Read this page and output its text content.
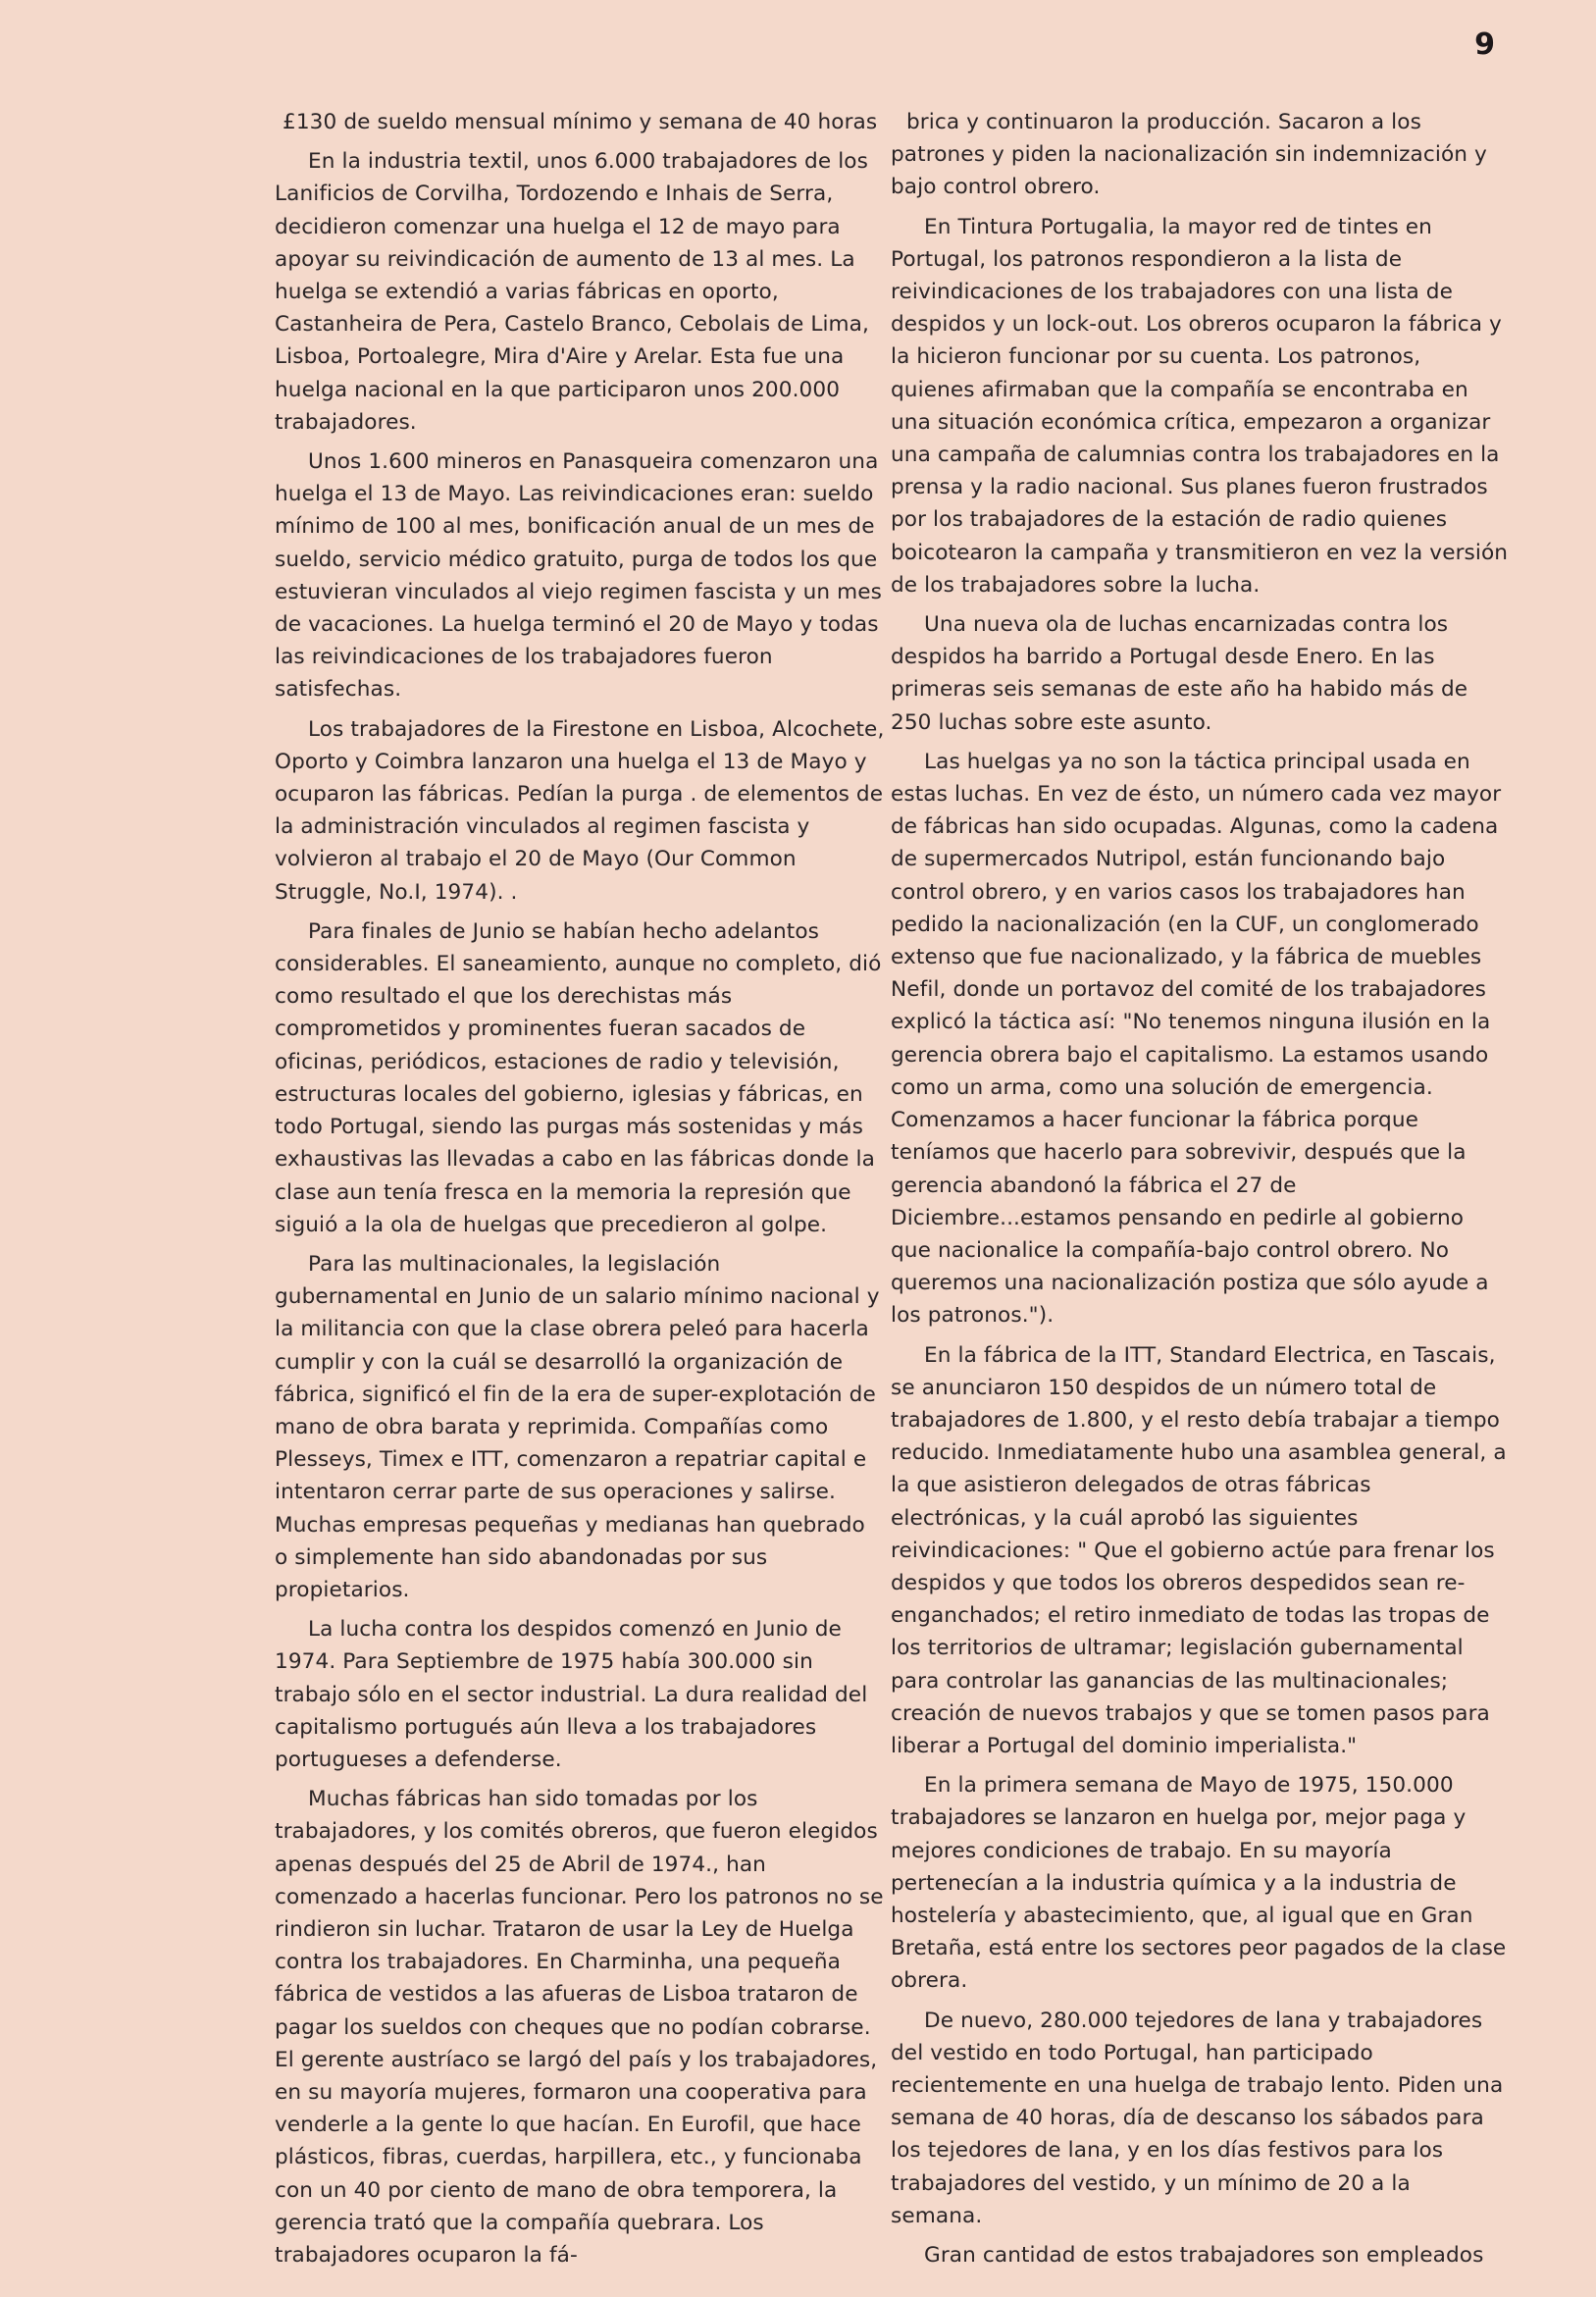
9

£130 de sueldo mensual mínimo y semana de 40 horas

En la industria textil, unos 6.000 trabajadores de los Lanificios de Corvilha, Tordozendo e Inhais de Serra, decidieron comenzar una huelga el 12 de mayo para apoyar su reivindicación de aumento de 13 al mes. La huelga se extendió a varias fábricas en oporto, Castanheira de Pera, Castelo Branco, Cebolais de Lima, Lisboa, Portoalegre, Mira d'Aire y Arelar. Esta fue una huelga nacional en la que participaron unos 200.000 trabajadores.

Unos 1.600 mineros en Panasqueira comenzaron una huelga el 13 de Mayo. Las reivindicaciones eran: sueldo mínimo de 100 al mes, bonificación anual de un mes de sueldo, servicio médico gratuito, purga de todos los que estuvieran vinculados al viejo regimen fascista y un mes de vacaciones. La huelga terminó el 20 de Mayo y todas las reivindicaciones de los trabajadores fueron satisfechas.

Los trabajadores de la Firestone en Lisboa, Alcochete, Oporto y Coimbra lanzaron una huelga el 13 de Mayo y ocuparon las fábricas. Pedían la purga . de elementos de la administración vinculados al regimen fascista y volvieron al trabajo el 20 de Mayo (Our Common Struggle, No.I, 1974). .

Para finales de Junio se habían hecho adelantos considerables. El saneamiento, aunque no completo, dió como resultado el que los derechistas más comprometidos y prominentes fueran sacados de oficinas, periódicos, estaciones de radio y televisión, estructuras locales del gobierno, iglesias y fábricas, en todo Portugal, siendo las purgas más sostenidas y más exhaustivas las llevadas a cabo en las fábricas donde la clase aun tenía fresca en la memoria la represión que siguió a la ola de huelgas que precedieron al golpe.

Para las multinacionales, la legislación gubernamental en Junio de un salario mínimo nacional y la militancia con que la clase obrera peleó para hacerla cumplir y con la cuál se desarrolló la organización de fábrica, significó el fin de la era de super-explotación de mano de obra barata y reprimida. Compañías como Plesseys, Timex e ITT, comenzaron a repatriar capital e intentaron cerrar parte de sus operaciones y salirse. Muchas empresas pequeñas y medianas han quebrado o simplemente han sido abandonadas por sus propietarios.

La lucha contra los despidos comenzó en Junio de 1974. Para Septiembre de 1975 había 300.000 sin trabajo sólo en el sector industrial. La dura realidad del capitalismo portugués aún lleva a los trabajadores portugueses a defenderse.

Muchas fábricas han sido tomadas por los trabajadores, y los comités obreros, que fueron elegidos apenas después del 25 de Abril de 1974., han comenzado a hacerlas funcionar. Pero los patronos no se rindieron sin luchar. Trataron de usar la Ley de Huelga contra los trabajadores. En Charminha, una pequeña fábrica de vestidos a las afueras de Lisboa trataron de pagar los sueldos con cheques que no podían cobrarse. El gerente austríaco se largó del país y los trabajadores, en su mayoría mujeres, formaron una cooperativa para venderle a la gente lo que hacían. En Eurofil, que hace plásticos, fibras, cuerdas, harpillera, etc., y funcionaba con un 40 por ciento de mano de obra temporera, la gerencia trató que la compañía quebrara. Los trabajadores ocuparon la fá-

brica y continuaron la producción. Sacaron a los patrones y piden la nacionalización sin indemnización y bajo control obrero.

En Tintura Portugalia, la mayor red de tintes en Portugal, los patronos respondieron a la lista de reivindicaciones de los trabajadores con una lista de despidos y un lock-out. Los obreros ocuparon la fábrica y la hicieron funcionar por su cuenta. Los patronos, quienes afirmaban que la compañía se encontraba en una situación económica crítica, empezaron a organizar una campaña de calumnias contra los trabajadores en la prensa y la radio nacional. Sus planes fueron frustrados por los trabajadores de la estación de radio quienes boicotearon la campaña y transmitieron en vez la versión de los trabajadores sobre la lucha.

Una nueva ola de luchas encarnizadas contra los despidos ha barrido a Portugal desde Enero. En las primeras seis semanas de este año ha habido más de 250 luchas sobre este asunto.

Las huelgas ya no son la táctica principal usada en estas luchas. En vez de ésto, un número cada vez mayor de fábricas han sido ocupadas. Algunas, como la cadena de supermercados Nutripol, están funcionando bajo control obrero, y en varios casos los trabajadores han pedido la nacionalización (en la CUF, un conglomerado extenso que fue nacionalizado, y la fábrica de muebles Nefil, donde un portavoz del comité de los trabajadores explicó la táctica así: "No tenemos ninguna ilusión en la gerencia obrera bajo el capitalismo. La estamos usando como un arma, como una solución de emergencia. Comenzamos a hacer funcionar la fábrica porque teníamos que hacerlo para sobrevivir, después que la gerencia abandonó la fábrica el 27 de Diciembre...estamos pensando en pedirle al gobierno que nacionalice la compañía-bajo control obrero. No queremos una nacionalización postiza que sólo ayude a los patronos.").

En la fábrica de la ITT, Standard Electrica, en Tascais, se anunciaron 150 despidos de un número total de trabajadores de 1.800, y el resto debía trabajar a tiempo reducido. Inmediatamente hubo una asamblea general, a la que asistieron delegados de otras fábricas electrónicas, y la cuál aprobó las siguientes reivindicaciones: " Que el gobierno actúe para frenar los despidos y que todos los obreros despedidos sean re-enganchados; el retiro inmediato de todas las tropas de los territorios de ultramar; legislación gubernamental para controlar las ganancias de las multinacionales; creación de nuevos trabajos y que se tomen pasos para liberar a Portugal del dominio imperialista."

En la primera semana de Mayo de 1975, 150.000 trabajadores se lanzaron en huelga por, mejor paga y mejores condiciones de trabajo. En su mayoría pertenecían a la industria química y a la industria de hostelería y abastecimiento, que, al igual que en Gran Bretaña, está entre los sectores peor pagados de la clase obrera.

De nuevo, 280.000 tejedores de lana y trabajadores del vestido en todo Portugal, han participado recientemente en una huelga de trabajo lento. Piden una semana de 40 horas, día de descanso los sábados para los tejedores de lana, y en los días festivos para los trabajadores del vestido, y un mínimo de 20 a la semana.

Gran cantidad de estos trabajadores son empleados
